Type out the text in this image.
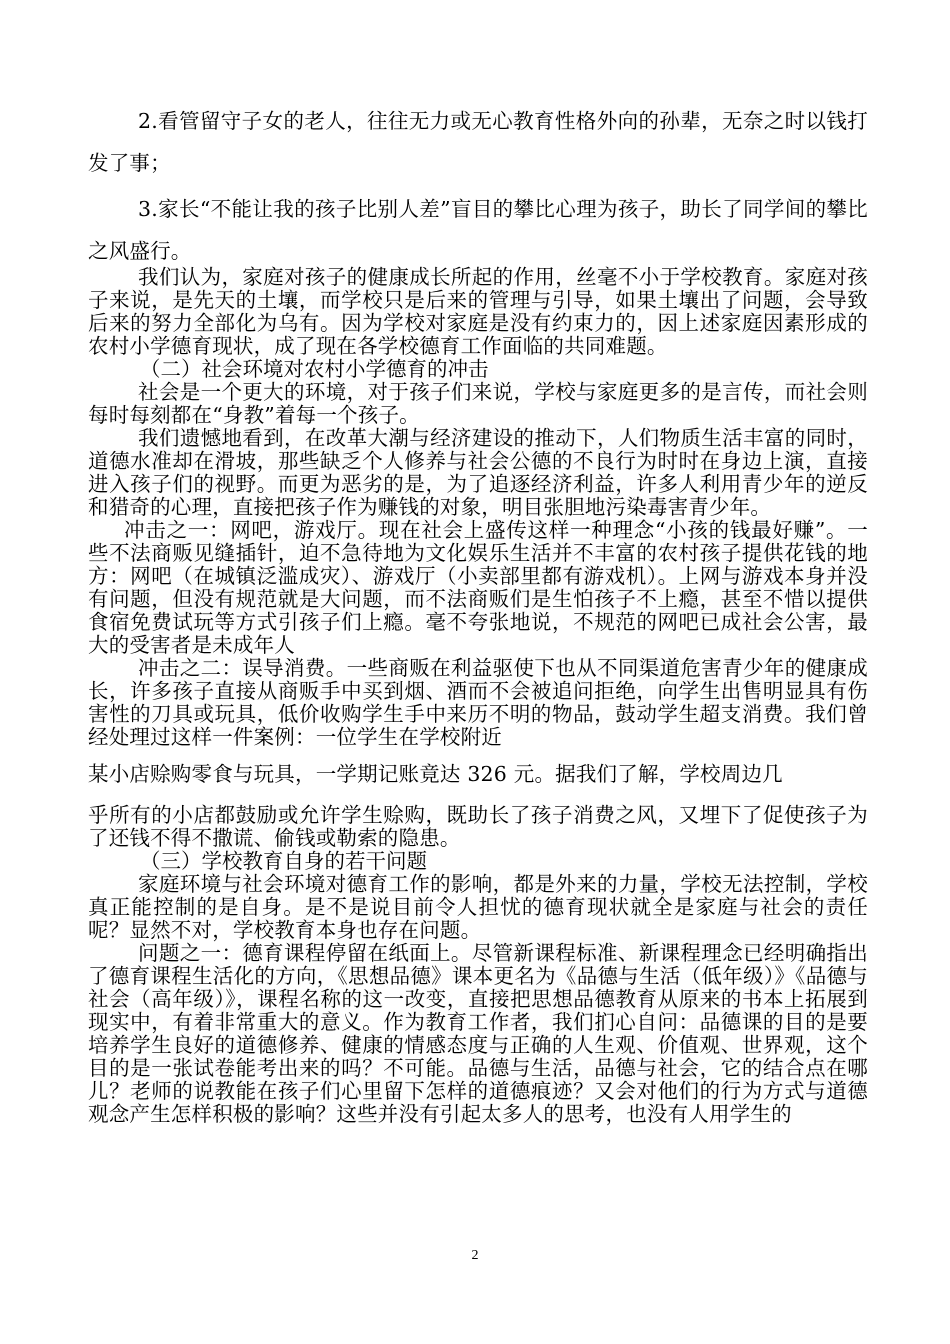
2.看管留守子女的老人，往往无力或无心教育性格外向的孙辈，无奈之时以钱打发了事；

3.家长“不能让我的孩子比别人差”盲目的攀比心理为孩子，助长了同学间的攀比之风盛行。

我们认为，家庭对孩子的健康成长所起的作用，丝毫不小于学校教育。家庭对孩子来说，是先天的土壤，而学校只是后来的管理与引导，如果土壤出了问题，会导致后来的努力全部化为乌有。因为学校对家庭是没有约束力的，因上述家庭因素形成的农村小学德育现状，成了现在各学校德育工作面临的共同难题。

（二）社会环境对农村小学德育的冲击

社会是一个更大的环境，对于孩子们来说，学校与家庭更多的是言传，而社会则每时每刻都在“身教”着每一个孩子。

我们遗憾地看到，在改革大潮与经济建设的推动下，人们物质生活丰富的同时，道德水准却在滑坡，那些缺乏个人修养与社会公德的不良行为时时在身边上演，直接进入孩子们的视野。而更为恶劣的是，为了追逐经济利益，许多人利用青少年的逆反和猎奇的心理，直接把孩子作为赚钱的对象，明目张胆地污染毒害青少年。

冲击之一：网吧，游戏厅。现在社会上盛传这样一种理念“小孩的钱最好赚”。一些不法商贩见缝插针，迫不急待地为文化娱乐生活并不丰富的农村孩子提供花钱的地方：网吧（在城镇泛滥成灾）、游戏厅（小卖部里都有游戏机）。上网与游戏本身并没有问题，但没有规范就是大问题，而不法商贩们是生怕孩子不上瘾，甚至不惜以提供食宿免费试玩等方式引孩子们上瘾。毫不夸张地说，不规范的网吧已成社会公害，最大的受害者是未成年人

冲击之二：误导消费。一些商贩在利益驱使下也从不同渠道危害青少年的健康成长，许多孩子直接从商贩手中买到烟、酒而不会被追问拒绝，向学生出售明显具有伤害性的刀具或玩具，低价收购学生手中来历不明的物品，鼓动学生超支消费。我们曾经处理过这样一件案例：一位学生在学校附近

某小店赊购零食与玩具，一学期记账竟达 326 元。据我们了解，学校周边几

乎所有的小店都鼓励或允许学生赊购，既助长了孩子消费之风，又埋下了促使孩子为了还钱不得不撒谎、偷钱或勒索的隐患。

（三）学校教育自身的若干问题

家庭环境与社会环境对德育工作的影响，都是外来的力量，学校无法控制，学校真正能控制的是自身。是不是说目前令人担忧的德育现状就全是家庭与社会的责任呢？显然不对，学校教育本身也存在问题。

问题之一：德育课程停留在纸面上。尽管新课程标准、新课程理念已经明确指出了德育课程生活化的方向，《思想品德》课本更名为《品德与生活（低年级）》《品德与社会（高年级）》，课程名称的这一改变，直接把思想品德教育从原来的书本上拓展到现实中，有着非常重大的意义。作为教育工作者，我们扪心自问：品德课的目的是要培养学生良好的道德修养、健康的情感态度与正确的人生观、价值观、世界观，这个目的是一张试卷能考出来的吗？不可能。品德与生活，品德与社会，它的结合点在哪儿？老师的说教能在孩子们心里留下怎样的道德痕迹？又会对他们的行为方式与道德观念产生怎样积极的影响？这些并没有引起太多人的思考，也没有人用学生的

2
